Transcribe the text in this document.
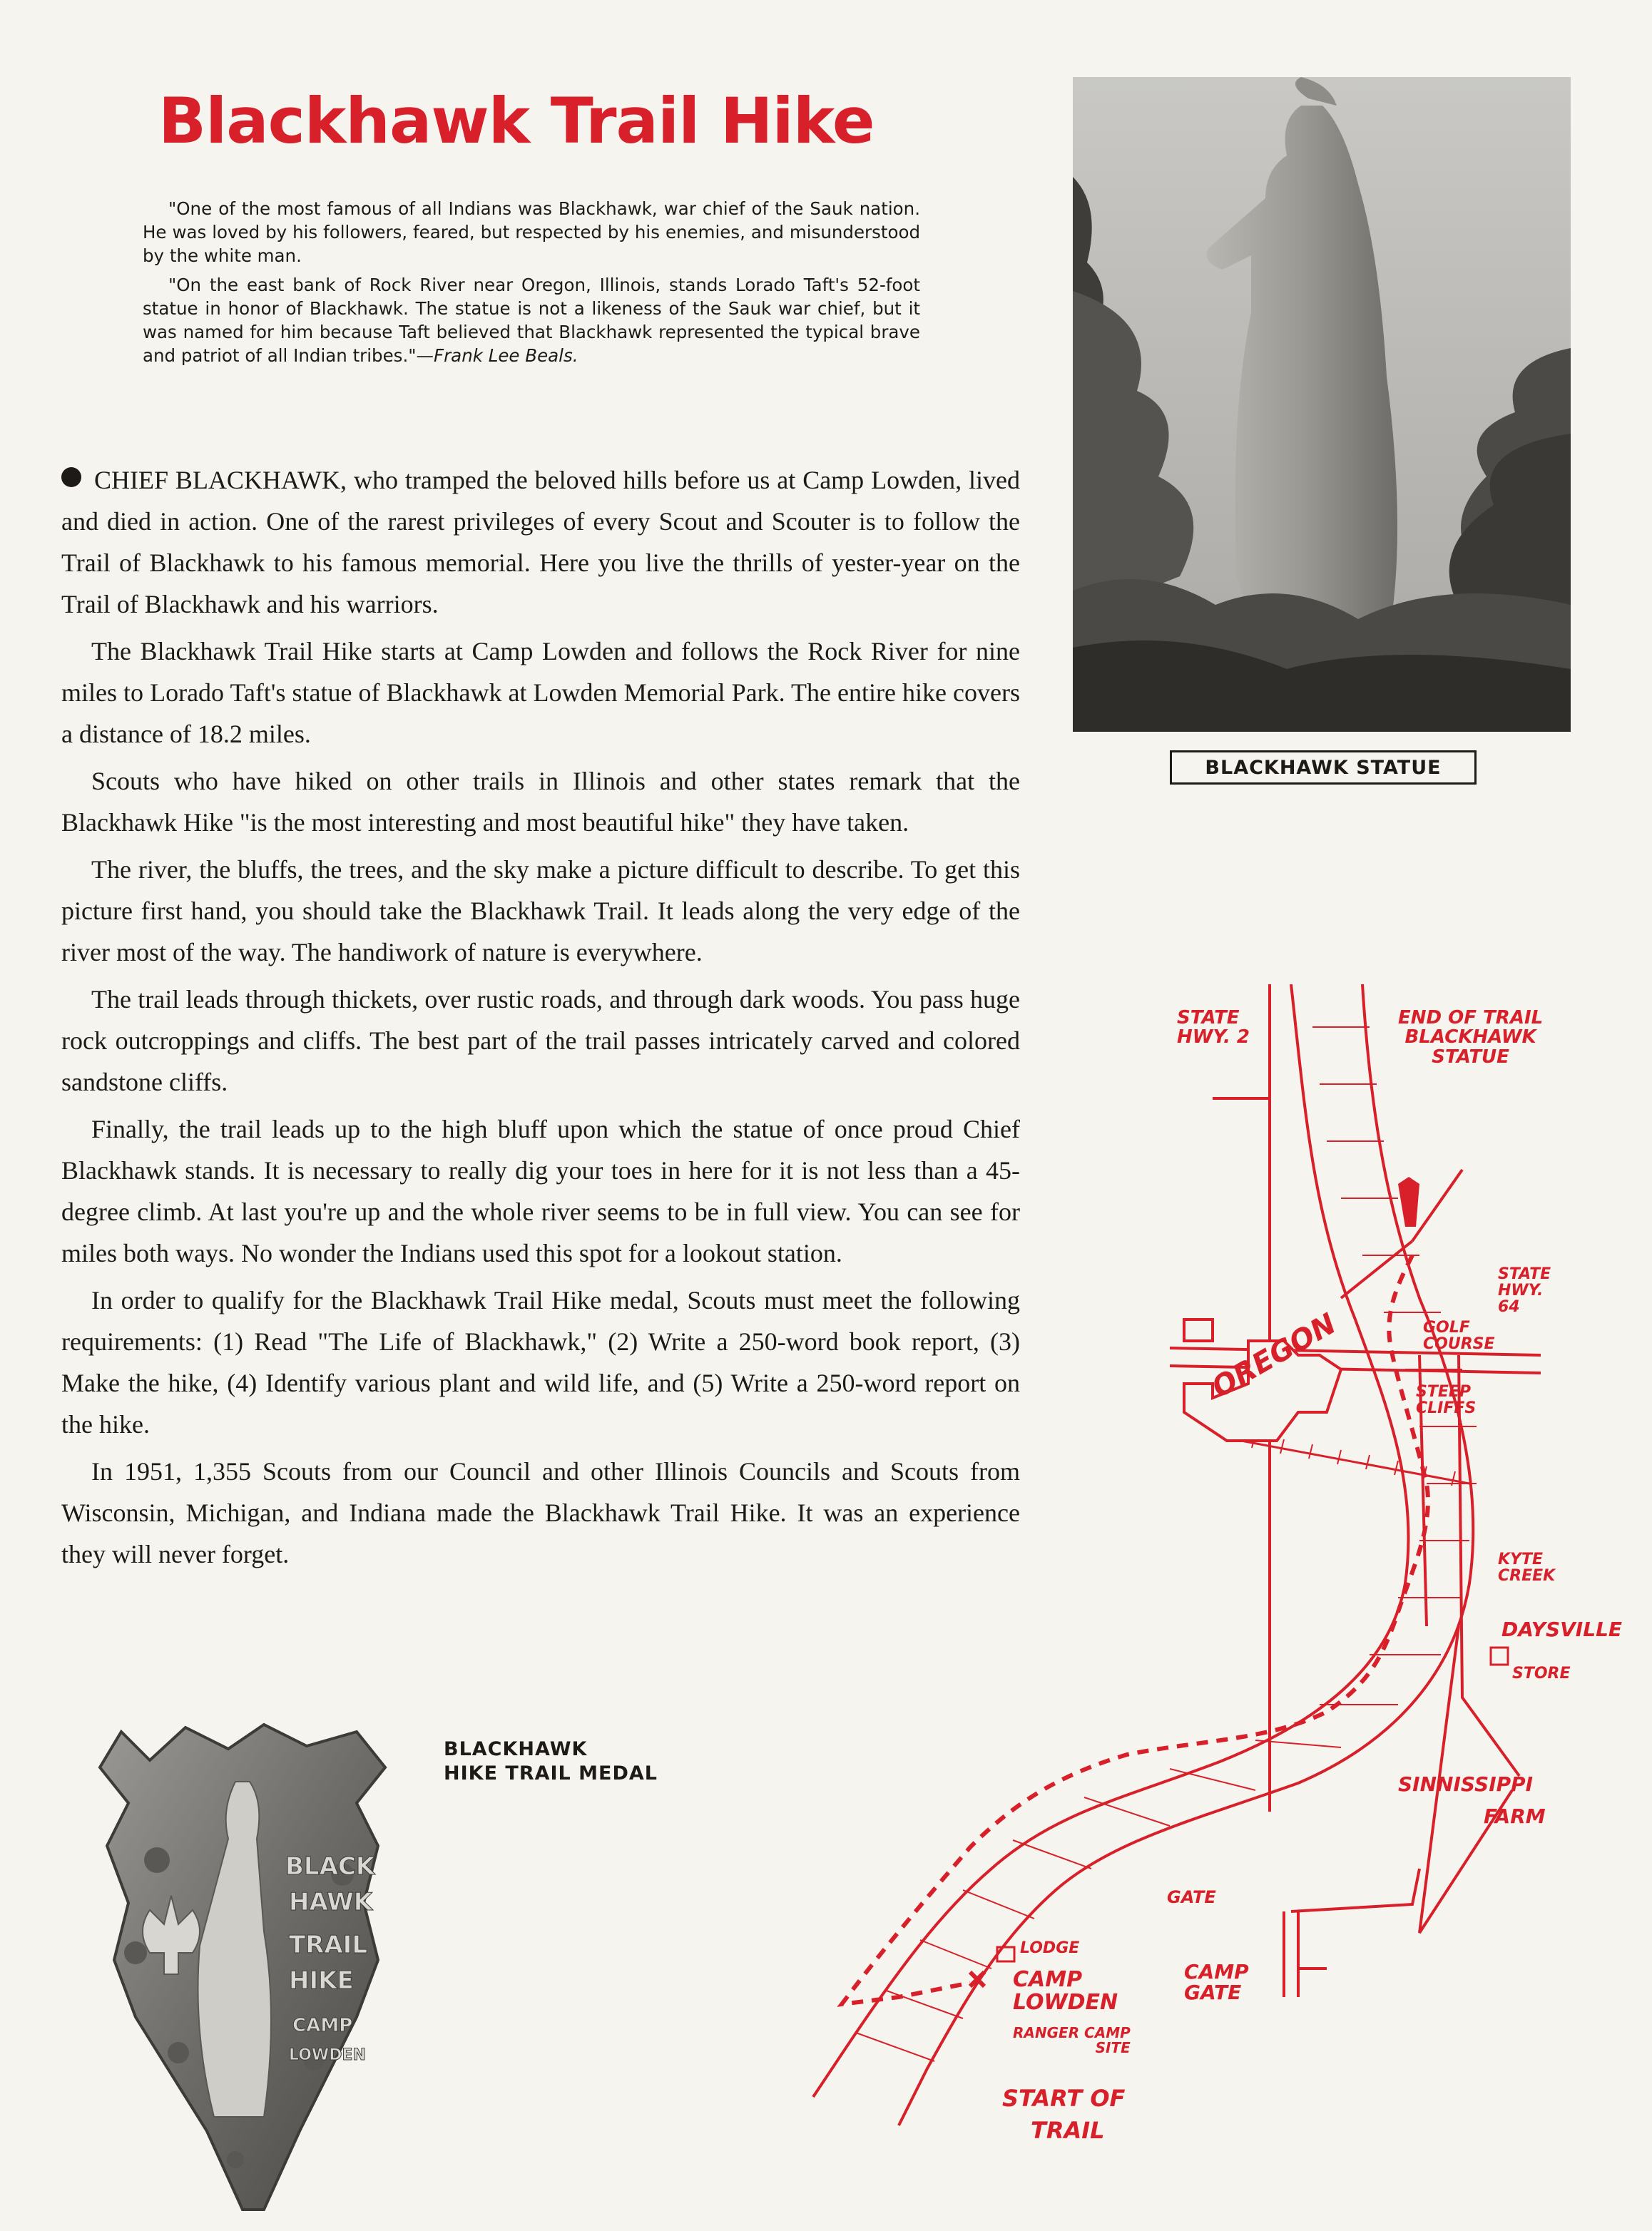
Blackhawk Trail Hike

"One of the most famous of all Indians was Blackhawk, war chief of the Sauk nation. He was loved by his followers, feared, but respected by his enemies, and misunderstood by the white man.

"On the east bank of Rock River near Oregon, Illinois, stands Lorado Taft's 52-foot statue in honor of Blackhawk. The statue is not a likeness of the Sauk war chief, but it was named for him because Taft believed that Blackhawk represented the typical brave and patriot of all Indian tribes."—Frank Lee Beals.

CHIEF BLACKHAWK, who tramped the beloved hills before us at Camp Lowden, lived and died in action. One of the rarest privileges of every Scout and Scouter is to follow the Trail of Blackhawk to his famous memorial. Here you live the thrills of yester-year on the Trail of Blackhawk and his warriors.

The Blackhawk Trail Hike starts at Camp Lowden and follows the Rock River for nine miles to Lorado Taft's statue of Blackhawk at Lowden Memorial Park. The entire hike covers a distance of 18.2 miles.

Scouts who have hiked on other trails in Illinois and other states remark that the Blackhawk Hike "is the most interesting and most beautiful hike" they have taken.

The river, the bluffs, the trees, and the sky make a picture difficult to describe. To get this picture first hand, you should take the Blackhawk Trail. It leads along the very edge of the river most of the way. The handiwork of nature is everywhere.

The trail leads through thickets, over rustic roads, and through dark woods. You pass huge rock outcroppings and cliffs. The best part of the trail passes intricately carved and colored sandstone cliffs.

Finally, the trail leads up to the high bluff upon which the statue of once proud Chief Blackhawk stands. It is necessary to really dig your toes in here for it is not less than a 45-degree climb. At last you're up and the whole river seems to be in full view. You can see for miles both ways. No wonder the Indians used this spot for a lookout station.

In order to qualify for the Blackhawk Trail Hike medal, Scouts must meet the following requirements: (1) Read "The Life of Blackhawk," (2) Write a 250-word book report, (3) Make the hike, (4) Identify various plant and wild life, and (5) Write a 250-word report on the hike.

In 1951, 1,355 Scouts from our Council and other Illinois Councils and Scouts from Wisconsin, Michigan, and Indiana made the Blackhawk Trail Hike. It was an experience they will never forget.

BLACKHAWK STATUE
BLACK
HAWK
TRAIL
HIKE
CAMP
LOWDEN
BLACKHAWK
HIKE TRAIL MEDAL
STATE
HWY. 2
END OF TRAIL
BLACKHAWK
STATUE
STATE
HWY.
64
OREGON	GOLF
COURSE
STEEP
CLIFFS
KYTE
CREEK
DAYSVILLE
STORE
SINNISSIPPI
FARM
GATE
LODGE
CAMP
LOWDEN
CAMP
GATE
RANGER CAMP
SITE
START OF
TRAIL
